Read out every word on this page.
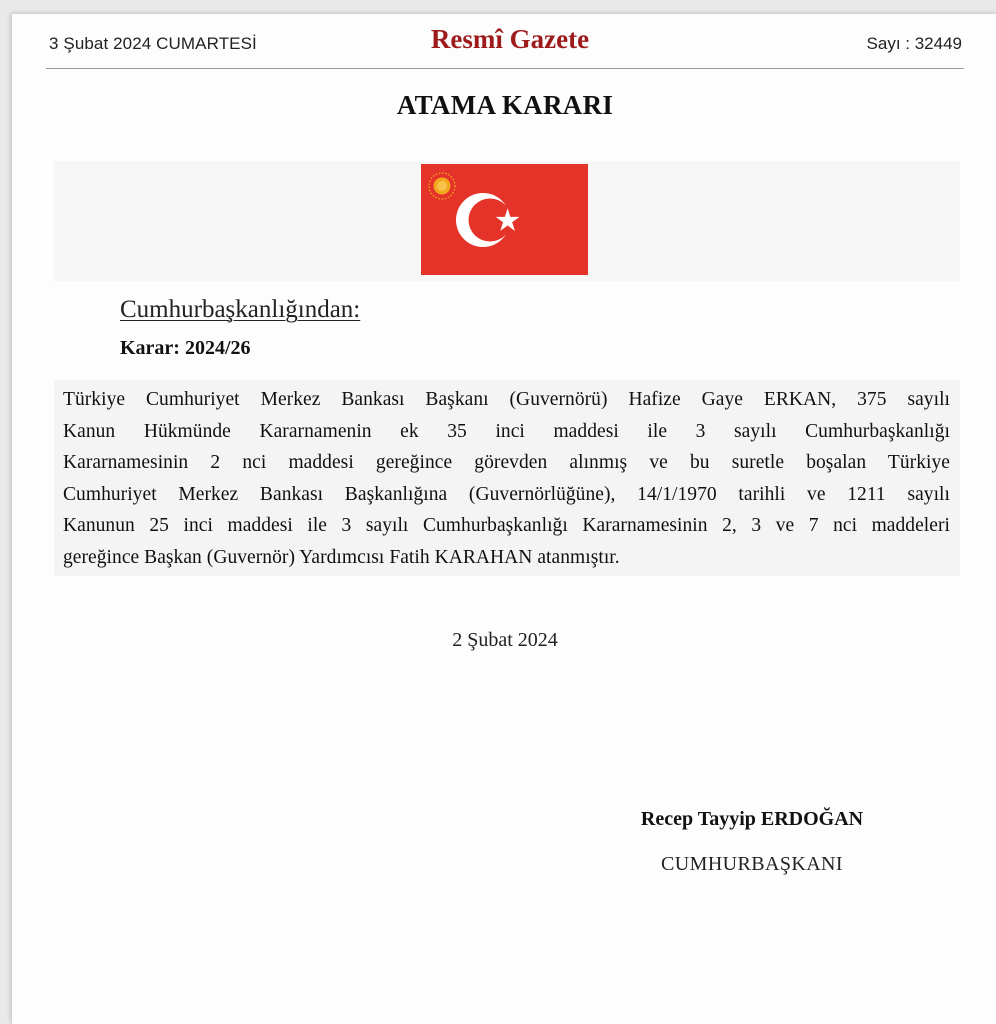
3 Şubat 2024 CUMARTESİ	Resmî Gazete	Sayı : 32449
ATAMA KARARI
Cumhurbaşkanlığından:
Karar: 2024/26
Türkiye Cumhuriyet Merkez Bankası Başkanı (Guvernörü) Hafize Gaye ERKAN, 375 sayılı
Kanun Hükmünde Kararnamenin ek 35 inci maddesi ile 3 sayılı Cumhurbaşkanlığı
Kararnamesinin 2 nci maddesi gereğince görevden alınmış ve bu suretle boşalan Türkiye
Cumhuriyet Merkez Bankası Başkanlığına (Guvernörlüğüne), 14/1/1970 tarihli ve 1211 sayılı
Kanunun 25 inci maddesi ile 3 sayılı Cumhurbaşkanlığı Kararnamesinin 2, 3 ve 7 nci maddeleri
gereğince Başkan (Guvernör) Yardımcısı Fatih KARAHAN atanmıştır.
2 Şubat 2024
Recep Tayyip ERDOĞAN
CUMHURBAŞKANI
